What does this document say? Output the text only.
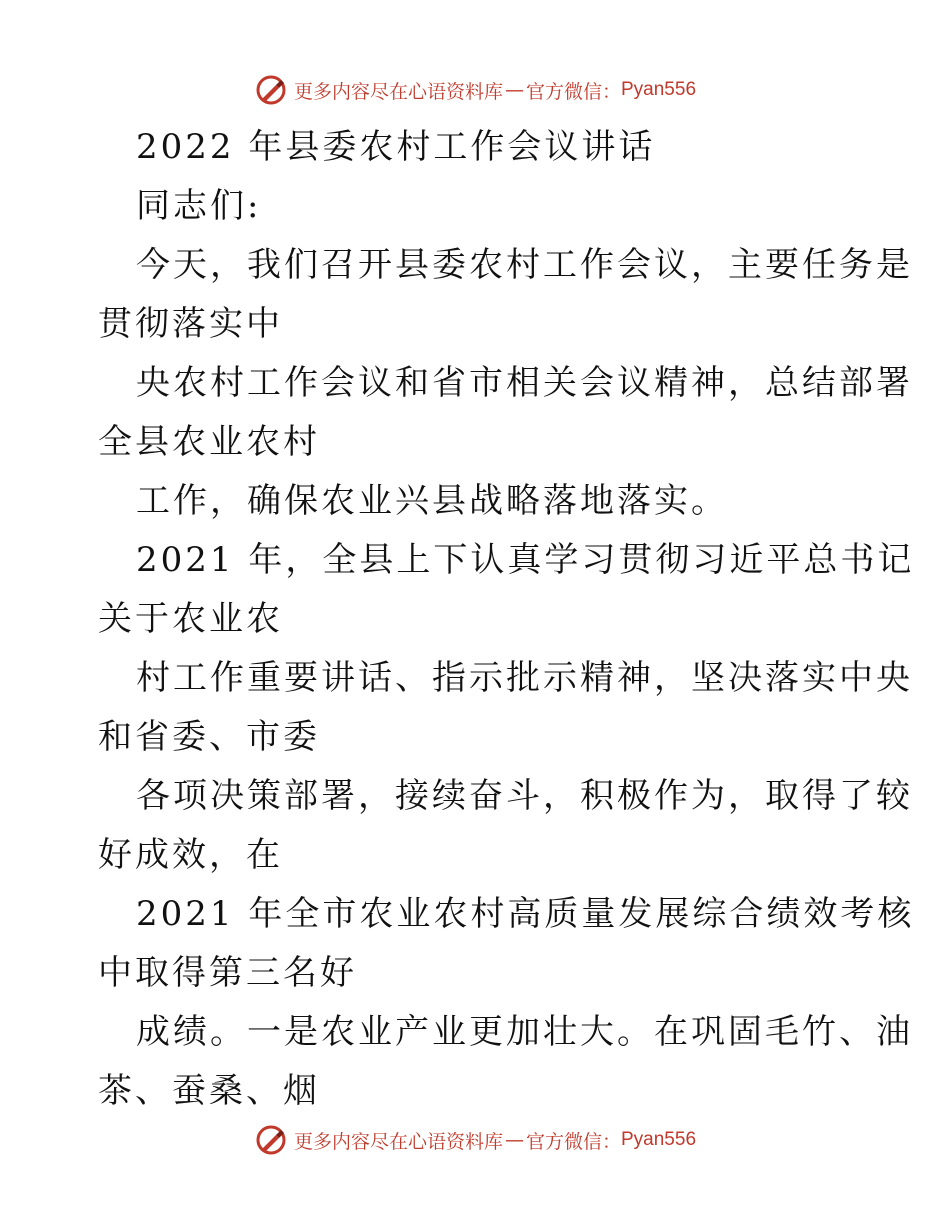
更多内容尽在心语资料库 — 官方微信： Pyan556
2022 年县委农村工作会议讲话
同志们:
今天，我们召开县委农村工作会议，主要任务是
贯彻落实中
央农村工作会议和省市相关会议精神，总结部署
全县农业农村
工作，确保农业兴县战略落地落实。
2021 年，全县上下认真学习贯彻习近平总书记
关于农业农
村工作重要讲话、指示批示精神，坚决落实中央
和省委、市委
各项决策部署，接续奋斗，积极作为，取得了较
好成效，在
2021 年全市农业农村高质量发展综合绩效考核
中取得第三名好
成绩。一是农业产业更加壮大。在巩固毛竹、油
茶、蚕桑、烟
更多内容尽在心语资料库 — 官方微信： Pyan556
